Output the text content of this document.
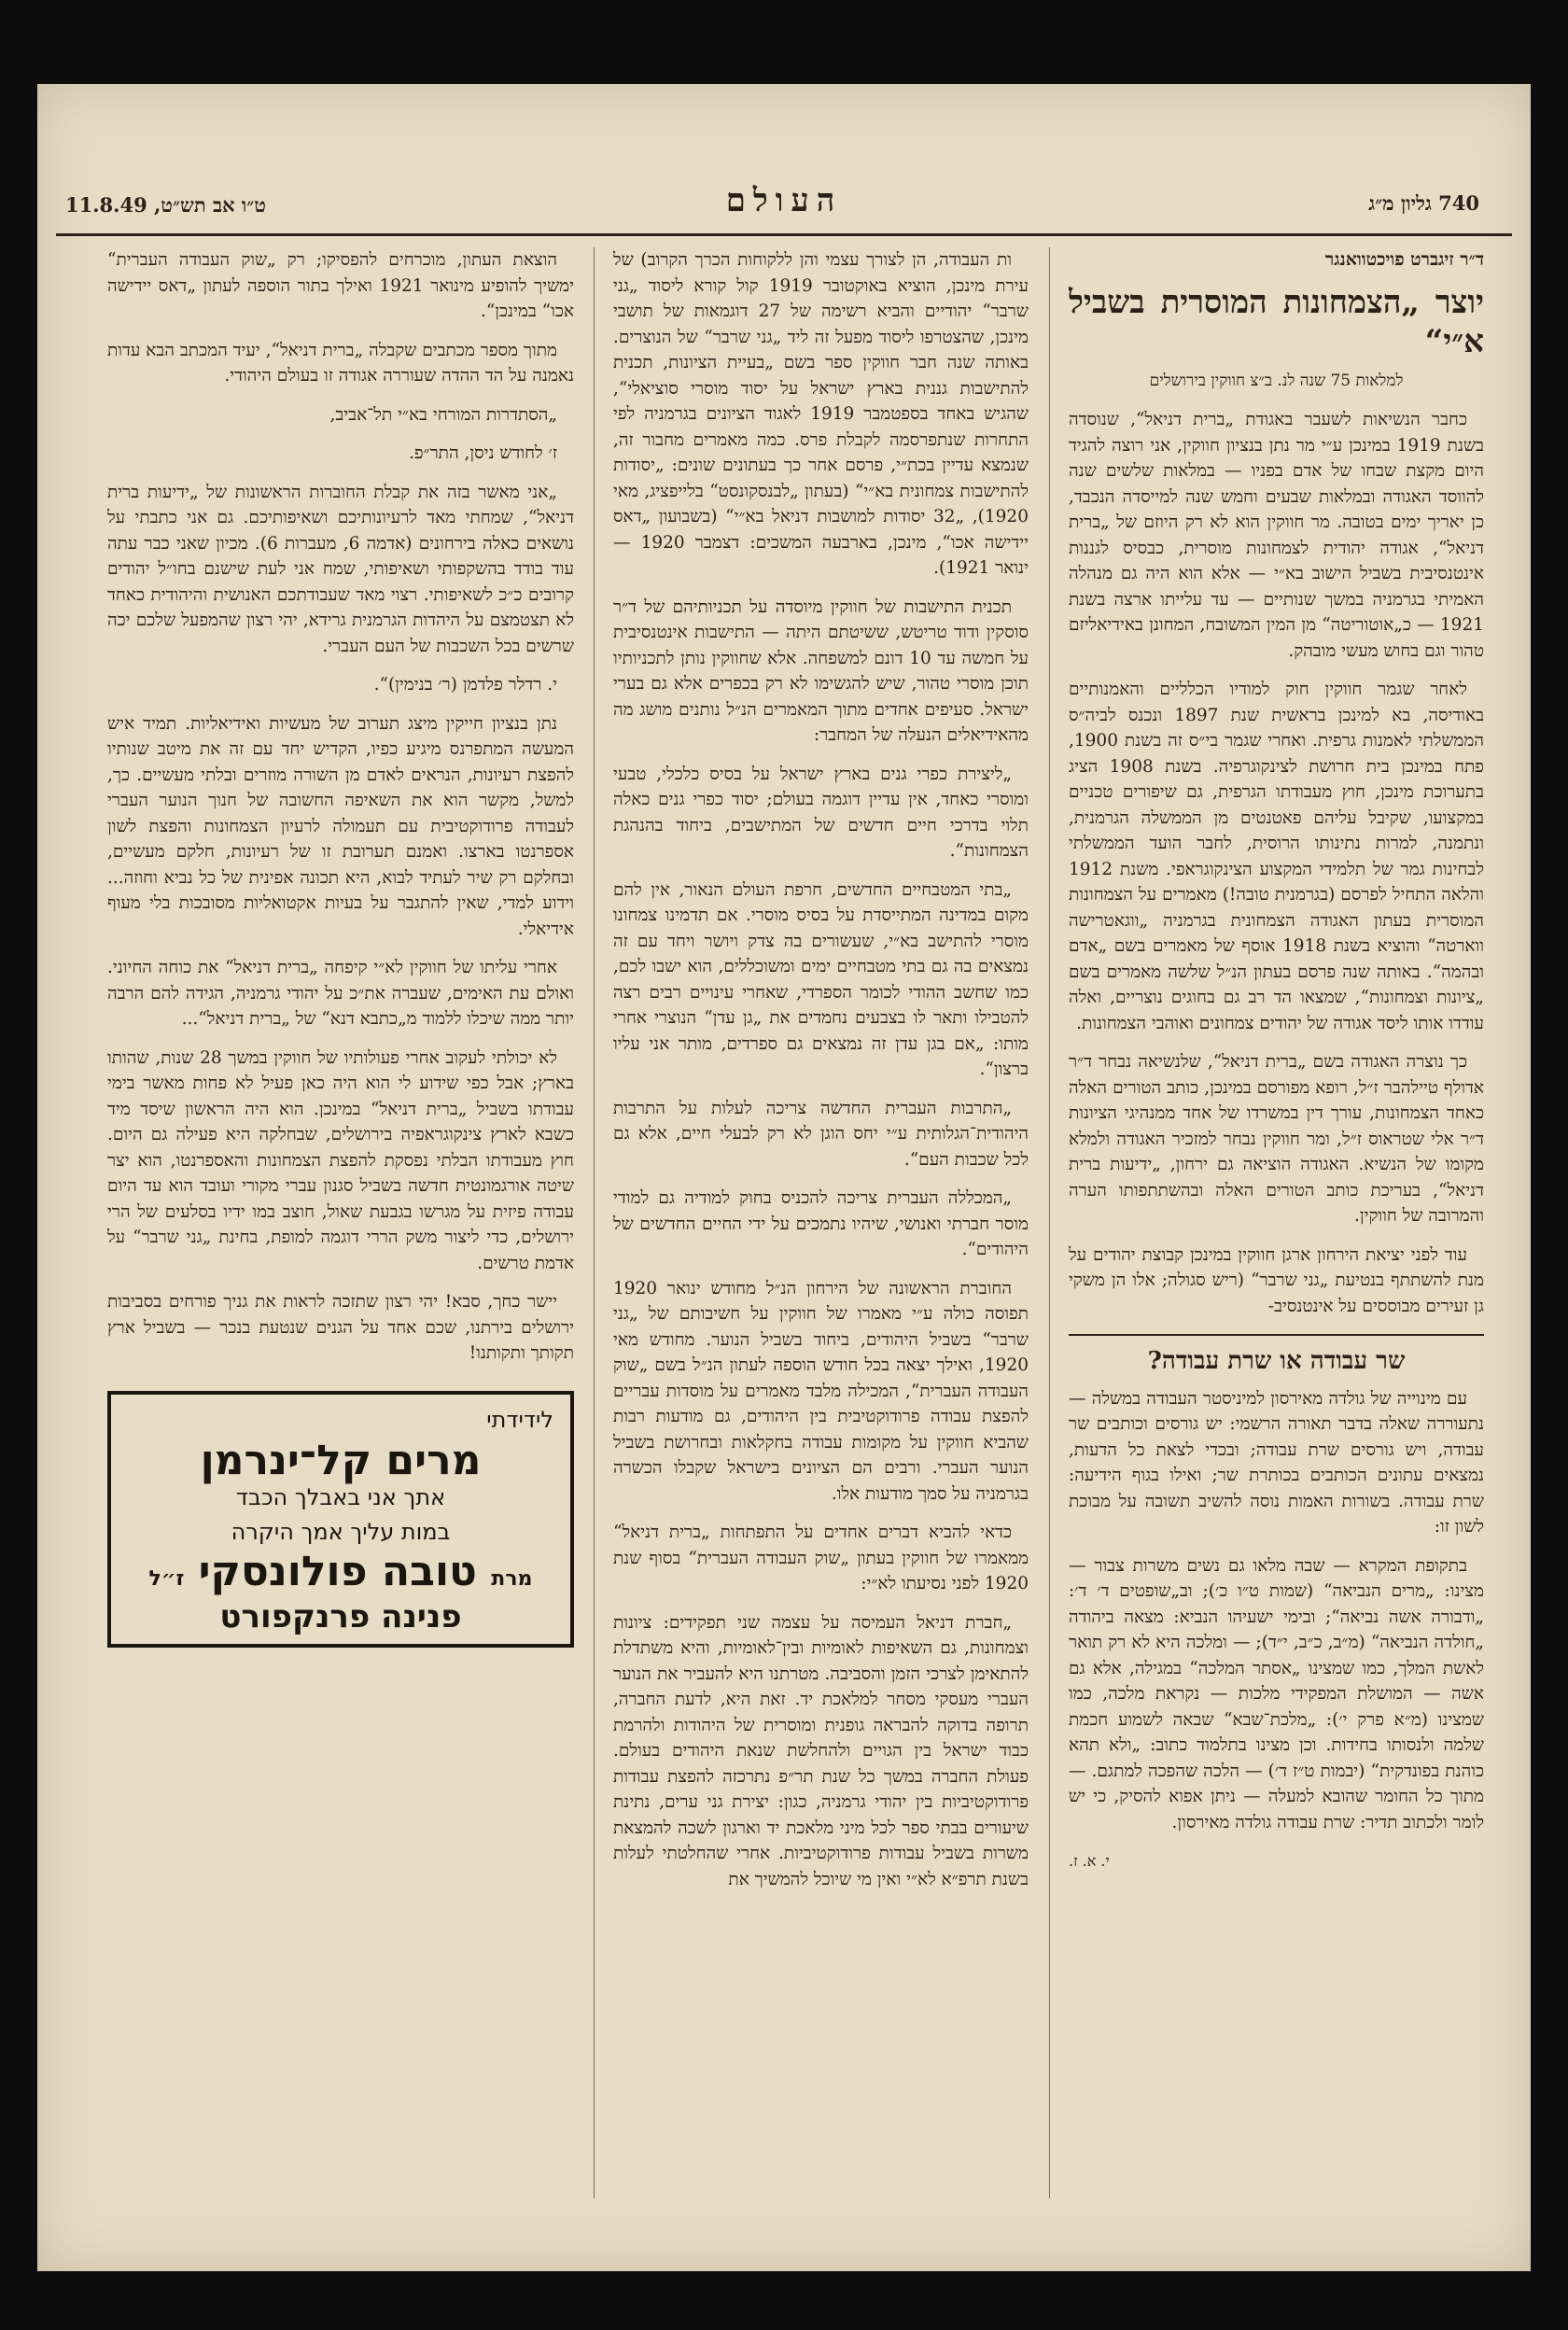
740 גליון מ״ג
העולם
ט״ו אב תש״ט, 11.8.49
ד״ר זיגברט פויכטוואנגר
יוצר „הצמחונות המוסרית בשביל א״י“
למלאות 75 שנה לנ. ב״צ חווקין בירושלים

כחבר הנשיאות לשעבר באגודת „ברית דניאל“, שנוסדה בשנת 1919 במינכן ע״י מר נתן בנציון חווקין, אני רוצה להגיד היום מקצת שבחו של אדם בפניו — במלאות שלשים שנה להווסד האגודה ובמלאות שבעים וחמש שנה למייסדה הנכבד, כן יאריך ימים בטובה. מר חווקין הוא לא רק היוזם של „ברית דניאל“, אגודה יהודית לצמחונות מוסרית, כבסיס לגננות אינטנסיבית בשביל הישוב בא״י — אלא הוא היה גם מנהלה האמיתי בגרמניה במשך שנותיים — עד עלייתו ארצה בשנת 1921 — כ„אוטוריטה“ מן המין המשובח, המחונן באידיאליזם טהור וגם בחוש מעשי מובהק.

לאחר שגמר חווקין חוק למודיו הכלליים והאמנותיים באודיסה, בא למינכן בראשית שנת 1897 ונכנס לביה״ס הממשלתי לאמנות גרפית. ואחרי שגמר בי״ס זה בשנת 1900, פתח במינכן בית חרושת לצינקוגרפיה. בשנת 1908 הציג בתערוכת מינכן, חוץ מעבודתו הגרפית, גם שיפורים טכניים במקצועו, שקיבל עליהם פאטנטים מן הממשלה הגרמנית, ונתמנה, למרות נתינותו הרוסית, לחבר הועד הממשלתי לבחינות גמר של תלמידי המקצוע הצינקוגראפי. משנת 1912 והלאה התחיל לפרסם (בגרמנית טובה!) מאמרים על הצמחונות המוסרית בעתון האגודה הצמחונית בגרמניה „ווגאטרישה ווארטה“ והוציא בשנת 1918 אוסף של מאמרים בשם „אדם ובהמה“. באותה שנה פרסם בעתון הנ״ל שלשה מאמרים בשם „ציונות וצמחונות“, שמצאו הד רב גם בחוגים נוצריים, ואלה עודדו אותו ליסד אגודה של יהודים צמחונים ואוהבי הצמחונות.

כך נוצרה האגודה בשם „ברית דניאל“, שלנשיאה נבחר ד״ר אדולף טיילהבר ז״ל, רופא מפורסם במינכן, כותב הטורים האלה כאחד הצמחונות, עורך דין במשרדו של אחד ממנהיגי הציונות ד״ר אלי שטראוס ז״ל, ומר חווקין נבחר למזכיר האגודה ולמלא מקומו של הנשיא. האגודה הוציאה גם ירחון, „ידיעות ברית דניאל“, בעריכת כותב הטורים האלה ובהשתתפותו הערה והמרובה של חווקין.

עוד לפני יציאת הירחון ארגן חווקין במינכן קבוצת יהודים על מנת להשתתף בנטיעת „גני שרבר“ (ריש סגולה; אלו הן משקי גן זעירים מבוססים על אינטנסיב-

שר עבודה או שרת עבודה?

עם מינוייה של גולדה מאירסון למיניסטר העבודה במשלה — נתעוררה שאלה בדבר תאורה הרשמי: יש גורסים וכותבים שר עבודה, ויש גורסים שרת עבודה; ובכדי לצאת כל הדעות, נמצאים עתונים הכותבים בכותרת שר; ואילו בגוף הידיעה: שרת עבודה. בשורות האמות נוסה להשיב תשובה על מבוכת לשון זו:

בתקופת המקרא — שבה מלאו גם נשים משרות צבור — מצינו: „מרים הנביאה“ (שמות ט״ו כ׳); וב„שופטים ד׳ ד׳: „ודבורה אשה נביאה“; ובימי ישעיהו הנביא: מצאה ביהודה „חולדה הנביאה“ (מ״ב, כ״ב, י״ד); — ומלכה היא לא רק תואר לאשת המלך, כמו שמצינו „אסתר המלכה“ במגילה, אלא גם אשה — המושלת המפקידי מלכות — נקראת מלכה, כמו שמצינו (מ״א פרק י׳): „מלכת־שבא“ שבאה לשמוע חכמת שלמה ולנסותו בחידות. וכן מצינו בתלמוד כתוב: „ולא תהא כוהנת בפונדקית“ (יבמות ט״ז ד׳) — הלכה שהפכה למתגם. — מתוך כל החומר שהובא למעלה — ניתן אפוא להסיק, כי יש לומר ולכתוב תדיר: שרת עבודה גולדה מאירסון.

י. א. ז.

ות העבודה, הן לצורך עצמי והן ללקוחות הכרך הקרוב) של עירת מינכן, הוציא באוקטובר 1919 קול קורא ליסוד „גני שרבר“ יהודיים והביא רשימה של 27 דוגמאות של תושבי מינכן, שהצטרפו ליסוד מפעל זה ליד „גני שרבר“ של הנוצרים. באותה שנה חבר חווקין ספר בשם „בעיית הציונות, תכנית להתישבות גננית בארץ ישראל על יסוד מוסרי סוציאלי“, שהגיש באחד בספטמבר 1919 לאגוד הציונים בגרמניה לפי התחרות שנתפרסמה לקבלת פרס. כמה מאמרים מחבור זה, שנמצא עדיין בכת״י, פרסם אחר כך בעתונים שונים: „יסודות להתישבות צמחונית בא״י“ (בעתון „לבנסקונסט“ בלייפציג, מאי 1920), „32 יסודות למושבות דניאל בא״י“ (בשבועון „דאס יידישה אכו“, מינכן, בארבעה המשכים: דצמבר 1920 — ינואר 1921).

תכנית התישבות של חווקין מיוסדה על תכניותיהם של ד״ר סוסקין ודוד טריטש, ששיטתם היתה — התישבות אינטנסיבית על חמשה עד 10 דונם למשפחה. אלא שחווקין נותן לתכניותיו תוכן מוסרי טהור, שיש להגשימו לא רק בכפרים אלא גם בערי ישראל. סעיפים אחדים מתוך המאמרים הנ״ל נותנים מושג מה מהאידיאלים הנעלה של המחבר:

„ליצירת כפרי גנים בארץ ישראל על בסיס כלכלי, טבעי ומוסרי כאחד, אין עדיין דוגמה בעולם; יסוד כפרי גנים כאלה תלוי בדרכי חיים חדשים של המתישבים, ביחוד בהנהגת הצמחונות“.

„בתי המטבחיים החדשים, חרפת העולם הנאור, אין להם מקום במדינה המתייסדת על בסיס מוסרי. אם תדמינו צמחונו מוסרי להתישב בא״י, שעשורים בה צדק ויושר ויחד עם זה נמצאים בה גם בתי מטבחיים ימים ומשוכללים, הוא ישבו לכם, כמו שחשב ההודי לכומר הספרדי, שאחרי עינויים רבים רצה להטבילו ותאר לו בצבעים נחמדים את „גן עדן“ הנוצרי אחרי מותו: „אם בגן עדן זה נמצאים גם ספרדים, מותר אני עליו ברצון“.

„התרבות העברית החדשה צריכה לעלות על התרבות היהודית־הגלותית ע״י יחס הוגן לא רק לבעלי חיים, אלא גם לכל שכבות העם“.

„המכללה העברית צריכה להכניס בחוק למודיה גם למודי מוסר חברתי ואנושי, שיהיו נתמכים על ידי החיים החדשים של היהודים“.

החוברת הראשונה של הירחון הנ״ל מחודש ינואר 1920 תפוסה כולה ע״י מאמרו של חווקין על חשיבותם של „גני שרבר“ בשביל היהודים, ביחוד בשביל הנוער. מחודש מאי 1920, ואילך יצאה בכל חודש הוספה לעתון הנ״ל בשם „שוק העבודה העברית“, המכילה מלבד מאמרים על מוסדות עבריים להפצת עבודה פרודוקטיבית בין היהודים, גם מודעות רבות שהביא חווקין על מקומות עבודה בחקלאות ובחרושת בשביל הנוער העברי. ורבים הם הציונים בישראל שקבלו הכשרה בגרמניה על סמך מודעות אלו.

כדאי להביא דברים אחדים על התפתחות „ברית דניאל“ ממאמרו של חווקין בעתון „שוק העבודה העברית“ בסוף שנת 1920 לפני נסיעתו לא״י:

„חברת דניאל העמיסה על עצמה שני תפקידים: ציונות וצמחונות, גם השאיפות לאומיות ובין־לאומיות, והיא משתדלת להתאימן לצרכי הזמן והסביבה. מטרתנו היא להעביר את הנוער העברי מעסקי מסחר למלאכת יד. זאת היא, לדעת החברה, תרופה בדוקה להבראה גופנית ומוסרית של היהודות ולהרמת כבוד ישראל בין הגויים ולהחלשת שנאת היהודים בעולם. פעולת החברה במשך כל שנת תר״פ נתרכזה להפצת עבודות פרודוקטיביות בין יהודי גרמניה, כגון: יצירת גני ערים, נתינת שיעורים בבתי ספר לכל מיני מלאכת יד וארגון לשכה להמצאת משרות בשביל עבודות פרודוקטיביות. אחרי שהחלטתי לעלות בשנת תרפ״א לא״י ואין מי שיוכל להמשיך את

הוצאת העתון, מוכרחים להפסיקו; רק „שוק העבודה העברית“ ימשיך להופיע מינואר 1921 ואילך בתור הוספה לעתון „דאס יידישה אכו“ במינכן“.

מתוך מספר מכתבים שקבלה „ברית דניאל“, יעיד המכתב הבא עדות נאמנה על הד ההדה שעוררה אגודה זו בעולם היהודי.

„הסתדרות המורחי בא״י תל־אביב,

ז׳ לחודש ניסן, התר״פ.

„אני מאשר בזה את קבלת החוברות הראשונות של „ידיעות ברית דניאל“, שמחתי מאד לרעיונותיכם ושאיפותיכם. גם אני כתבתי על נושאים כאלה בירחונים (אדמה 6, מעברות 6). מכיון שאני כבר עתה עוד בודד בהשקפותי ושאיפותי, שמח אני לעת שישנם בחו״ל יהודים קרובים כ״כ לשאיפותי. רצוי מאד שעבודתכם האנושית והיהודית כאחד לא תצטמצם על היהדות הגרמנית גרידא, יהי רצון שהמפעל שלכם יכה שרשים בכל השכבות של העם העברי.

י. רדלר פלדמן (ר׳ בנימין)“.

נתן בנציון חייקין מיצג תערוב של מעשיות ואידיאליות. תמיד איש המעשה המתפרנס מיגיע כפיו, הקדיש יחד עם זה את מיטב שנותיו להפצת רעיונות, הנראים לאדם מן השורה מוזרים ובלתי מעשיים. כך, למשל, מקשר הוא את השאיפה החשובה של חנוך הנוער העברי לעבודה פרודוקטיבית עם תעמולה לרעיון הצמחונות והפצת לשון אספרנטו בארצו. ואמנם תערובת זו של רעיונות, חלקם מעשיים, ובחלקם רק שיר לעתיד לבוא, היא תכונה אפינית של כל נביא וחוזה... וידוע למדי, שאין להתגבר על בעיות אקטואליות מסובכות בלי מעוף אידיאלי.

אחרי עליתו של חווקין לא״י קיפחה „ברית דניאל“ את כוחה החיוני. ואולם עת האימים, שעברה את״כ על יהודי גרמניה, הגידה להם הרבה יותר ממה שיכלו ללמוד מ„כתבא דנא“ של „ברית דניאל“...

לא יכולתי לעקוב אחרי פעולותיו של חווקין במשך 28 שנות, שהותו בארץ; אבל כפי שידוע לי הוא היה כאן פעיל לא פחות מאשר בימי עבודתו בשביל „ברית דניאל“ במינכן. הוא היה הראשון שיסד מיד כשבא לארץ צינקוגראפיה בירושלים, שבחלקה היא פעילה גם היום. חוץ מעבודתו הבלתי נפסקת להפצת הצמחונות והאספרנטו, הוא יצר שיטה אורגמונטית חדשה בשביל סגנון עברי מקורי ועובד הוא עד היום עבודה פיזית על מגרשו בגבעת שאול, חוצב במו ידיו בסלעים של הרי ירושלים, כדי ליצור משק הררי דוגמה למופת, בחינת „גני שרבר“ על אדמת טרשים.

יישר כחך, סבא! יהי רצון שתזכה לראות את גניך פורחים בסביבות ירושלים בירתנו, שכם אחד על הגנים שנטעת בנכר — בשביל ארץ תקותך ותקותנו!

לידידתי
מרים קל־ינרמן
אתך אני באבלך הכבד
במות עליך אמך היקרה
מרת טובה פולונסקי ז״ל
פנינה פרנקפורט
